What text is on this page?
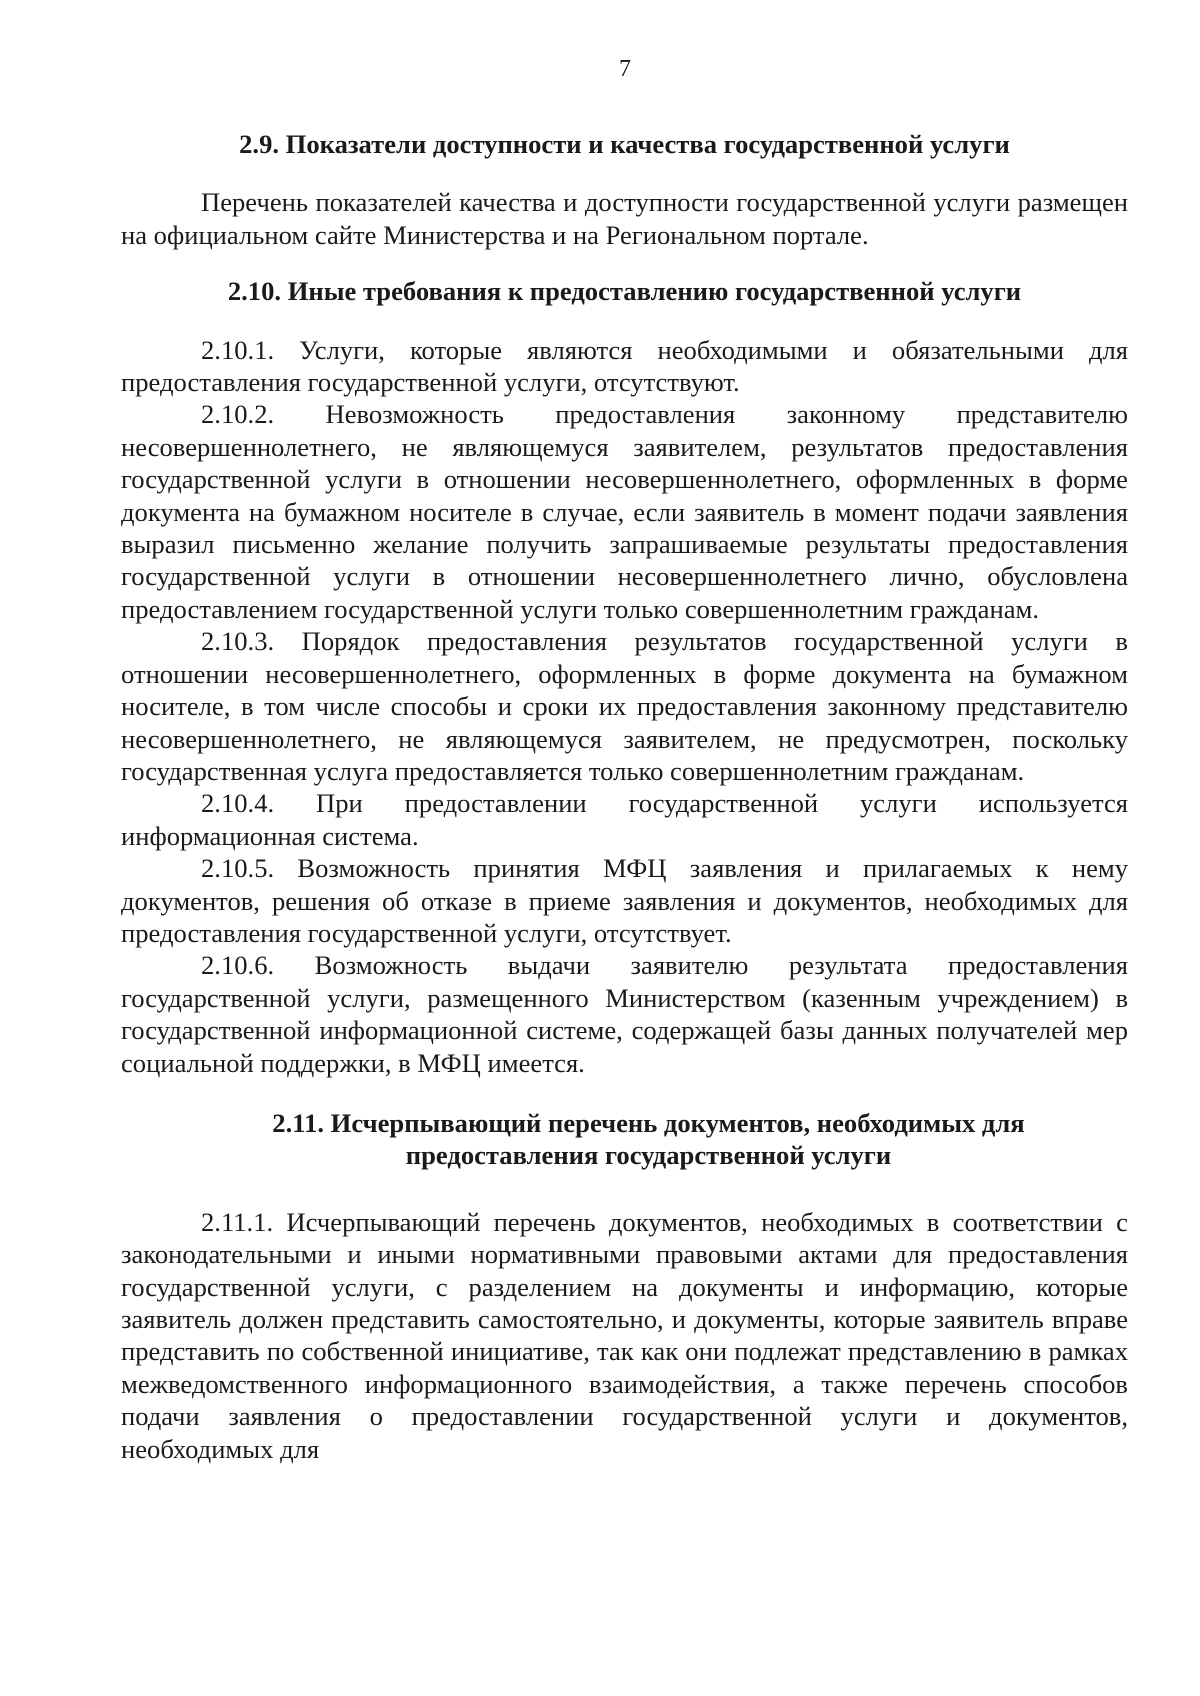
7
2.9. Показатели доступности и качества государственной услуги

Перечень показателей качества и доступности государственной услуги размещен на официальном сайте Министерства и на Региональном портале.

2.10. Иные требования к предоставлению государственной услуги

2.10.1. Услуги, которые являются необходимыми и обязательными для предоставления государственной услуги, отсутствуют.

2.10.2. Невозможность предоставления законному представителю несовершеннолетнего, не являющемуся заявителем, результатов предоставления государственной услуги в отношении несовершеннолетнего, оформленных в форме документа на бумажном носителе в случае, если заявитель в момент подачи заявления выразил письменно желание получить запрашиваемые результаты предоставления государственной услуги в отношении несовершеннолетнего лично, обусловлена предоставлением государственной услуги только совершеннолетним гражданам.

2.10.3. Порядок предоставления результатов государственной услуги в отношении несовершеннолетнего, оформленных в форме документа на бумажном носителе, в том числе способы и сроки их предоставления законному представителю несовершеннолетнего, не являющемуся заявителем, не предусмотрен, поскольку государственная услуга предоставляется только совершеннолетним гражданам.

2.10.4. При предоставлении государственной услуги используется информационная система.

2.10.5. Возможность принятия МФЦ заявления и прилагаемых к нему документов, решения об отказе в приеме заявления и документов, необходимых для предоставления государственной услуги, отсутствует.

2.10.6. Возможность выдачи заявителю результата предоставления государственной услуги, размещенного Министерством (казенным учреждением) в государственной информационной системе, содержащей базы данных получателей мер социальной поддержки, в МФЦ имеется.

2.11. Исчерпывающий перечень документов, необходимых для
предоставления государственной услуги

2.11.1. Исчерпывающий перечень документов, необходимых в соответствии с законодательными и иными нормативными правовыми актами для предоставления государственной услуги, с разделением на документы и информацию, которые заявитель должен представить самостоятельно, и документы, которые заявитель вправе представить по собственной инициативе, так как они подлежат представлению в рамках межведомственного информационного взаимодействия, а также перечень способов подачи заявления о предоставлении государственной услуги и документов, необходимых для
